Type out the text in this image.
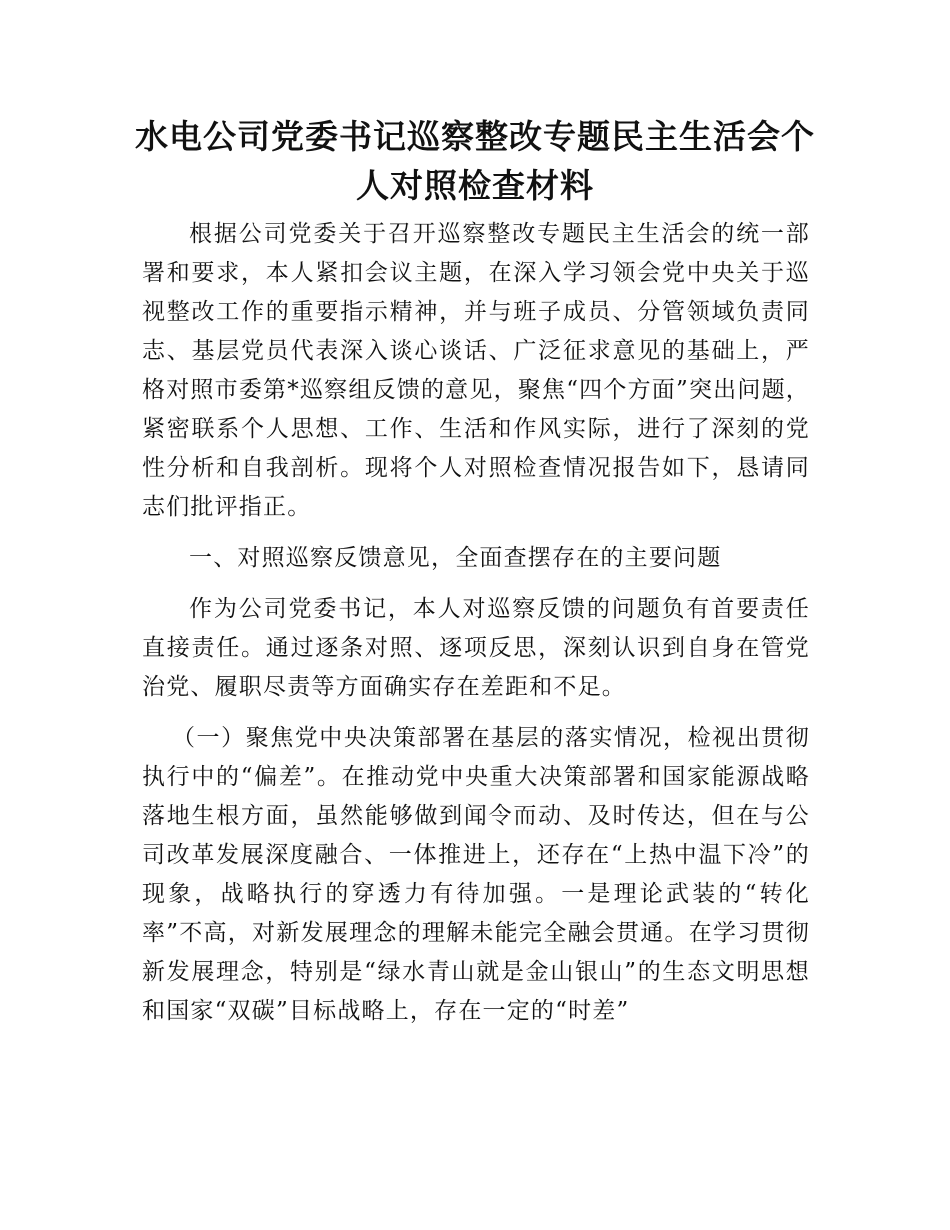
水电公司党委书记巡察整改专题民主生活会个人对照检查材料

根据公司党委关于召开巡察整改专题民主生活会的统一部署和要求，本人紧扣会议主题，在深入学习领会党中央关于巡视整改工作的重要指示精神，并与班子成员、分管领域负责同志、基层党员代表深入谈心谈话、广泛征求意见的基础上，严格对照市委第*巡察组反馈的意见，聚焦“四个方面”突出问题，紧密联系个人思想、工作、生活和作风实际，进行了深刻的党性分析和自我剖析。现将个人对照检查情况报告如下，恳请同志们批评指正。

一、对照巡察反馈意见，全面查摆存在的主要问题

作为公司党委书记，本人对巡察反馈的问题负有首要责任直接责任。通过逐条对照、逐项反思，深刻认识到自身在管党治党、履职尽责等方面确实存在差距和不足。

（一）聚焦党中央决策部署在基层的落实情况，检视出贯彻执行中的“偏差”。在推动党中央重大决策部署和国家能源战略落地生根方面，虽然能够做到闻令而动、及时传达，但在与公司改革发展深度融合、一体推进上，还存在“上热中温下冷”的现象，战略执行的穿透力有待加强。一是理论武装的“转化率”不高，对新发展理念的理解未能完全融会贯通。在学习贯彻新发展理念，特别是“绿水青山就是金山银山”的生态文明思想和国家“双碳”目标战略上，存在一定的“时差”
